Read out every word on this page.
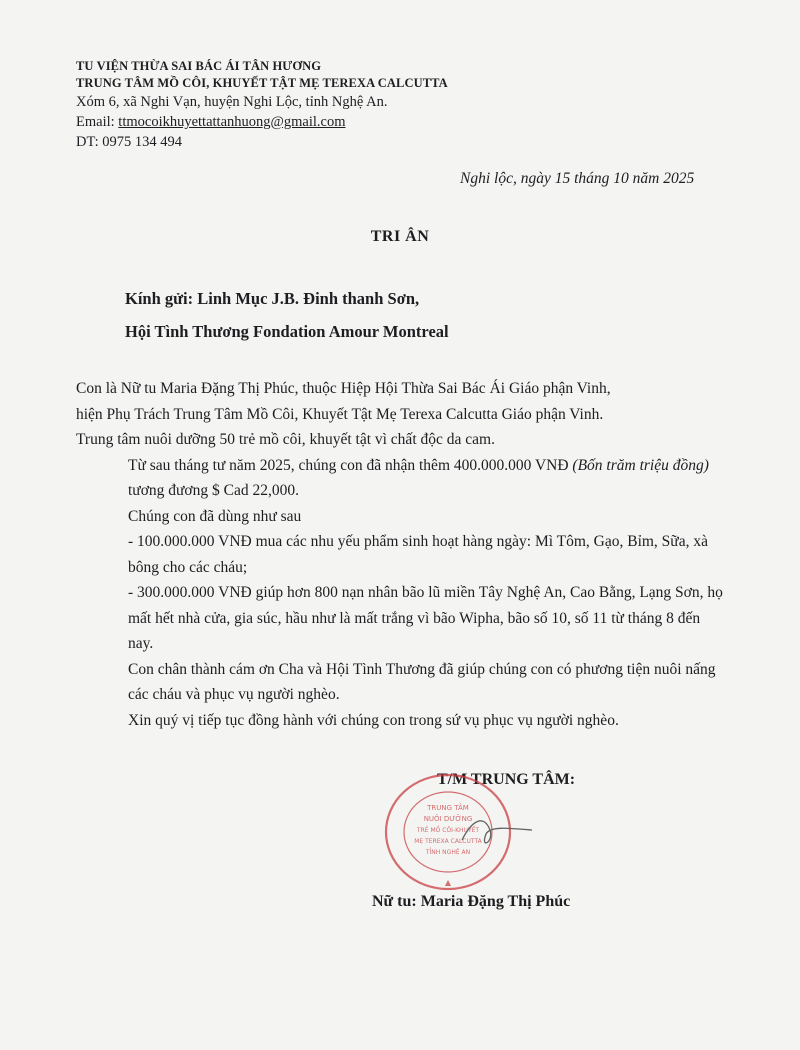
TU VIỆN THỪA SAI BÁC ÁI TÂN HƯƠNG
TRUNG TÂM MỒ CÔI, KHUYẾT TẬT MẸ TEREXA CALCUTTA
Xóm 6, xã Nghi Vạn, huyện Nghi Lộc, tỉnh Nghệ An.
Email: ttmocoikhuyettattanhuong@gmail.com
DT: 0975 134 494
Nghi lộc, ngày 15 tháng 10 năm 2025
TRI ÂN
Kính gửi: Linh Mục J.B. Đinh thanh Sơn,
Hội Tình Thương Fondation Amour Montreal

Con là Nữ tu Maria Đặng Thị Phúc, thuộc Hiệp Hội Thừa Sai Bác Ái Giáo phận Vinh,

hiện Phụ Trách Trung Tâm Mồ Côi, Khuyết Tật Mẹ Terexa Calcutta Giáo phận Vinh.

Trung tâm nuôi dưỡng 50 trẻ mồ côi, khuyết tật vì chất độc da cam.

Từ sau tháng tư năm 2025, chúng con đã nhận thêm 400.000.000 VNĐ (Bốn trăm triệu đồng) tương đương $ Cad 22,000.

Chúng con đã dùng như sau

- 100.000.000 VNĐ mua các nhu yếu phẩm sinh hoạt hàng ngày: Mì Tôm, Gạo, Bỉm, Sữa, xà bông cho các cháu;

- 300.000.000 VNĐ giúp hơn 800 nạn nhân bão lũ miền Tây Nghệ An, Cao Bằng, Lạng Sơn, họ mất hết nhà cửa, gia súc, hầu như là mất trắng vì bão Wipha, bão số 10, số 11 từ tháng 8 đến nay.

Con chân thành cám ơn Cha và Hội Tình Thương đã giúp chúng con có phương tiện nuôi nấng các cháu và phục vụ người nghèo.

Xin quý vị tiếp tục đồng hành với chúng con trong sứ vụ phục vụ người nghèo.

T/M TRUNG TÂM:
TRUNG TÂM
NUÔI DƯỠNG
TRẺ MỒ CÔI-KHUYẾT
MẸ TEREXA CALCUTTA
TỈNH NGHỆ AN
Nữ tu: Maria Đặng Thị Phúc
